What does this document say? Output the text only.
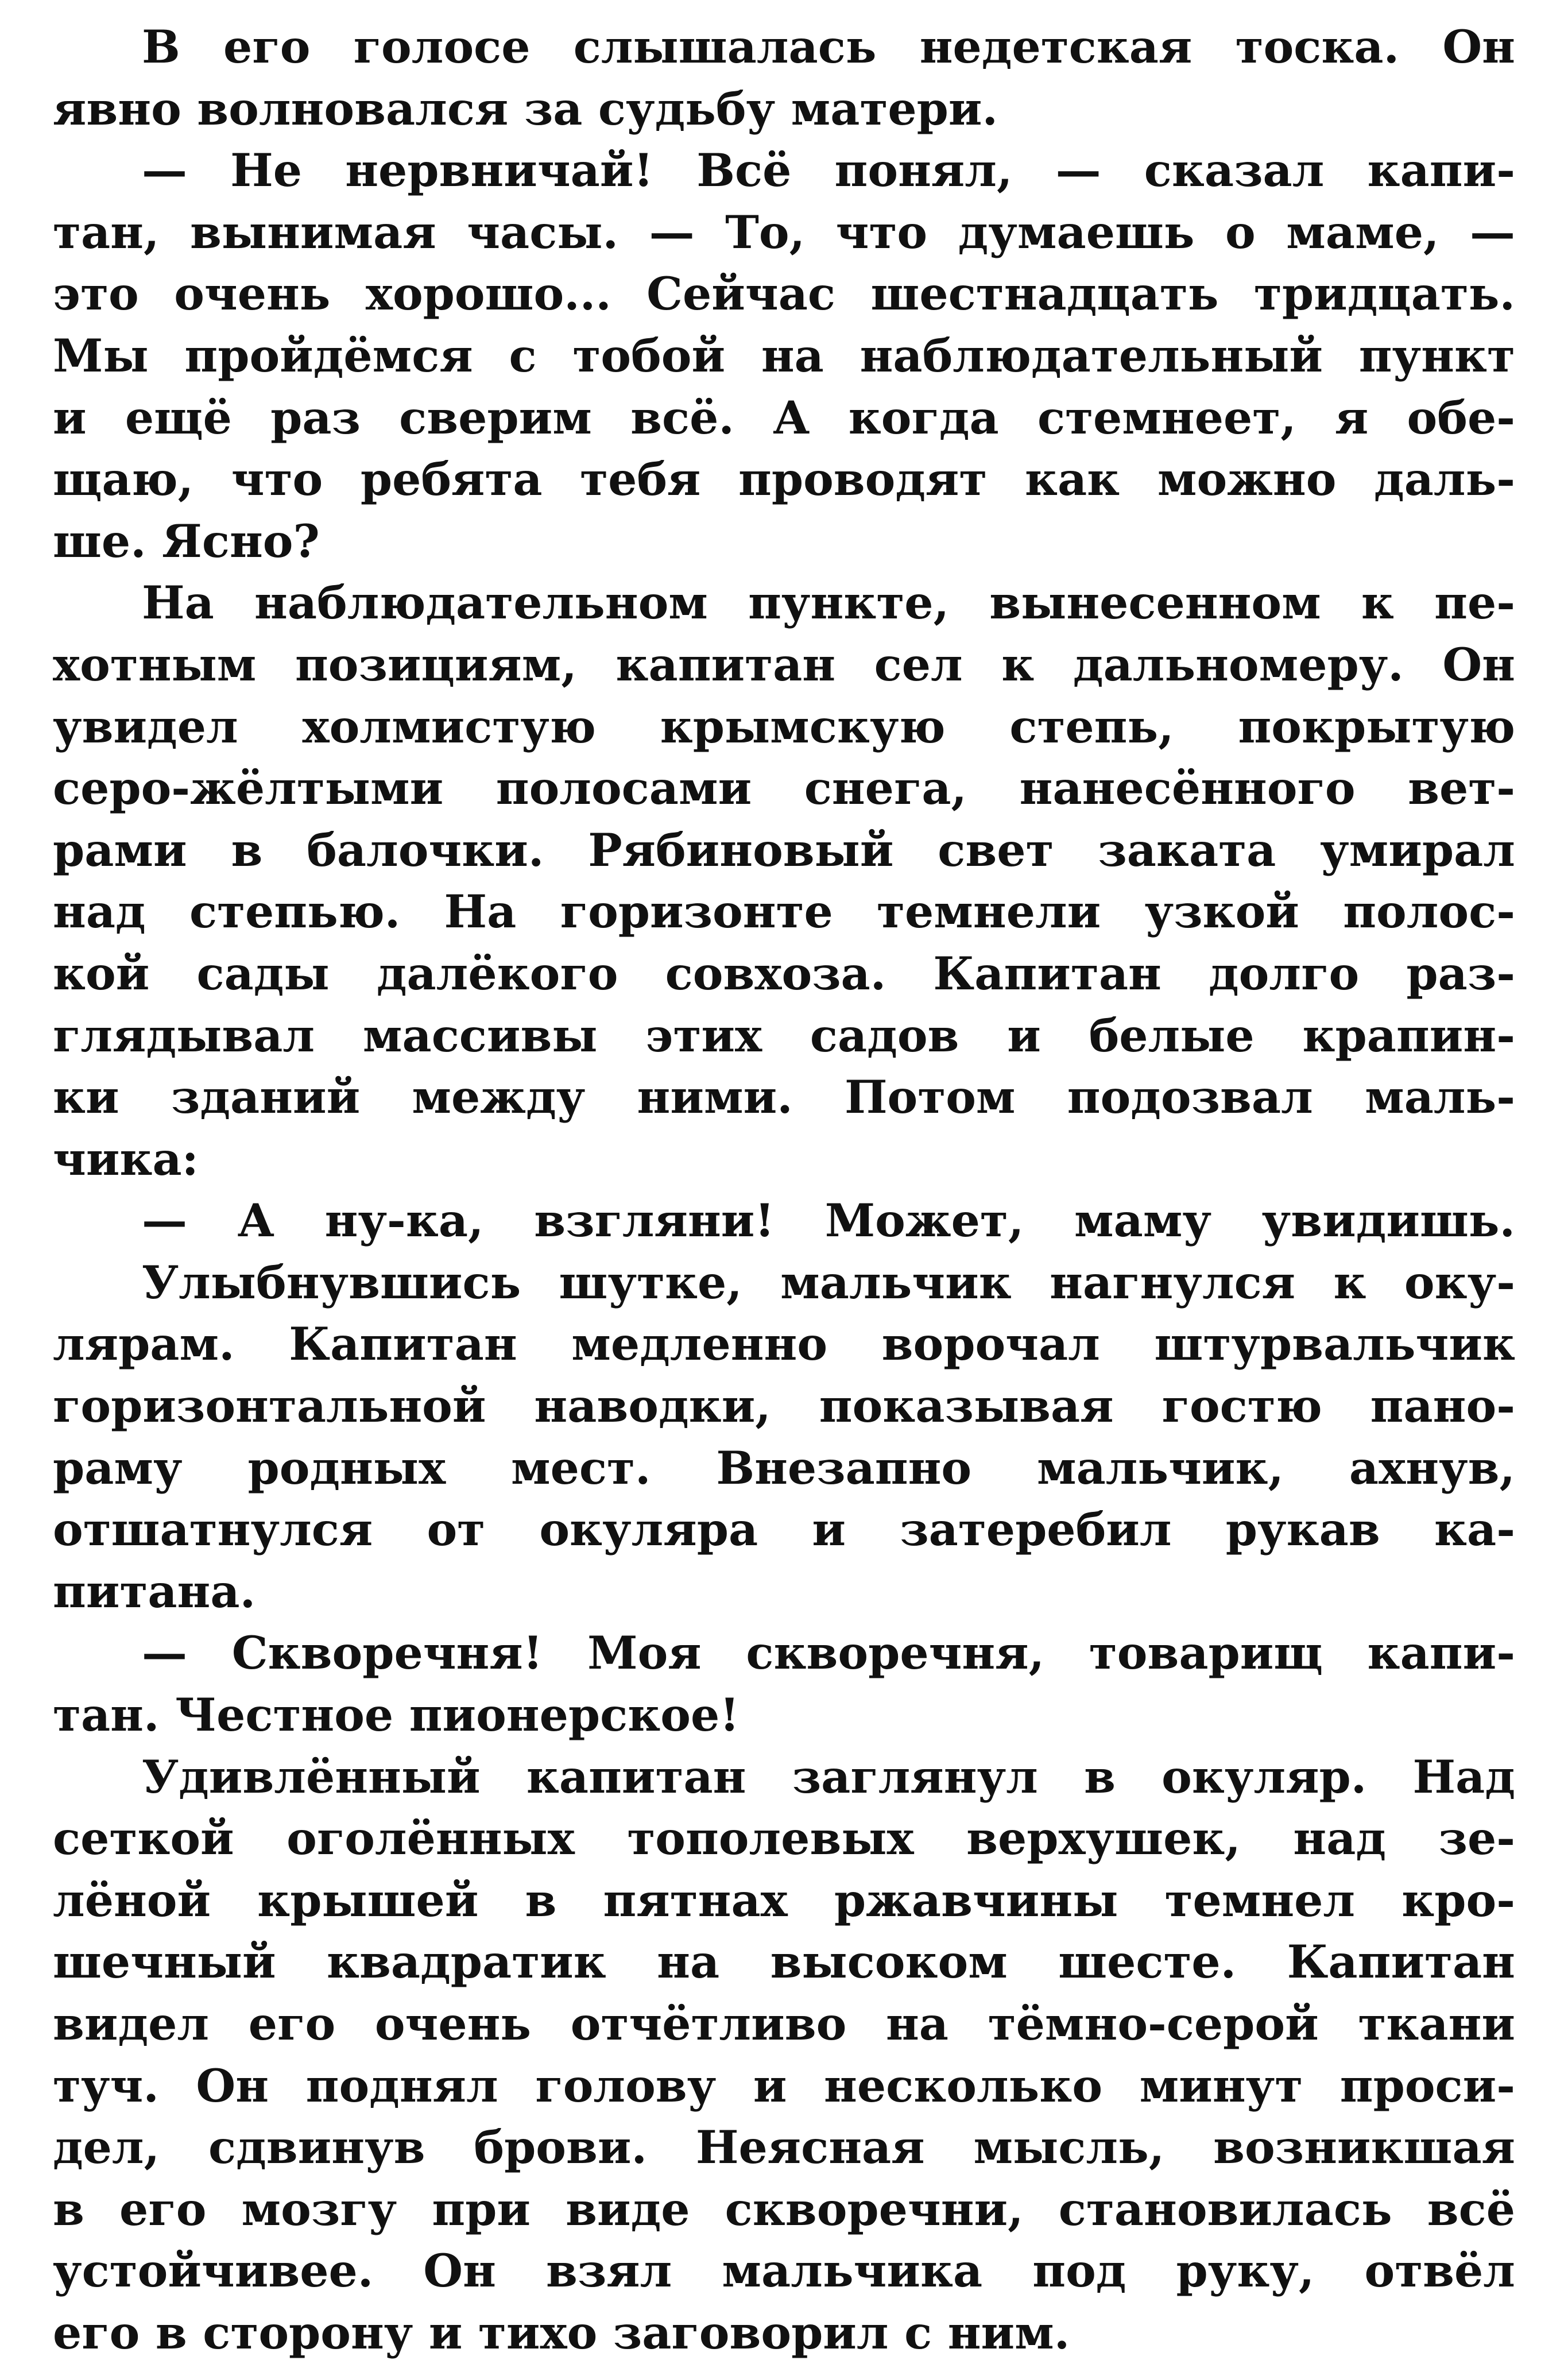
В его голосе слышалась недетская тоска. Он
явно волновался за судьбу матери.
— Не нервничай! Всё понял, — сказал капи-
тан, вынимая часы. — То, что думаешь о маме, —
это очень хорошо... Сейчас шестнадцать тридцать.
Мы пройдёмся с тобой на наблюдательный пункт
и ещё раз сверим всё. А когда стемнеет, я обе-
щаю, что ребята тебя проводят как можно даль-
ше. Ясно?
На наблюдательном пункте, вынесенном к пе-
хотным позициям, капитан сел к дальномеру. Он
увидел холмистую крымскую степь, покрытую
серо-жёлтыми полосами снега, нанесённого вет-
рами в балочки. Рябиновый свет заката умирал
над степью. На горизонте темнели узкой полос-
кой сады далёкого совхоза. Капитан долго раз-
глядывал массивы этих садов и белые крапин-
ки зданий между ними. Потом подозвал маль-
чика:
— А ну-ка, взгляни! Может, маму увидишь.
Улыбнувшись шутке, мальчик нагнулся к оку-
лярам. Капитан медленно ворочал штурвальчик
горизонтальной наводки, показывая гостю пано-
раму родных мест. Внезапно мальчик, ахнув,
отшатнулся от окуляра и затеребил рукав ка-
питана.
— Скворечня! Моя скворечня, товарищ капи-
тан. Честное пионерское!
Удивлённый капитан заглянул в окуляр. Над
сеткой оголённых тополевых верхушек, над зе-
лёной крышей в пятнах ржавчины темнел кро-
шечный квадратик на высоком шесте. Капитан
видел его очень отчётливо на тёмно-серой ткани
туч. Он поднял голову и несколько минут проси-
дел, сдвинув брови. Неясная мысль, возникшая
в его мозгу при виде скворечни, становилась всё
устойчивее. Он взял мальчика под руку, отвёл
его в сторону и тихо заговорил с ним.
